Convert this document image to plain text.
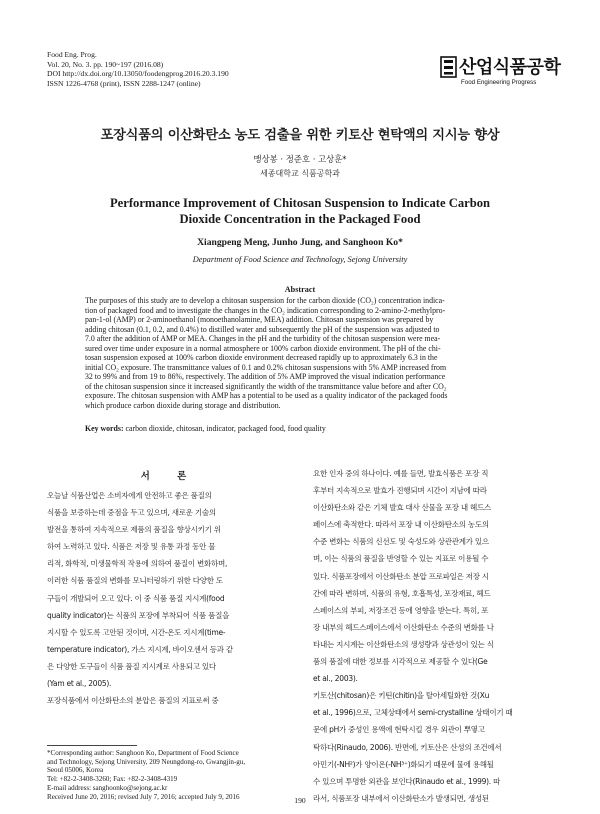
Food Eng. Prog.
Vol. 20, No. 3. pp. 190~197 (2016.08)
DOI http://dx.doi.org/10.13050/foodengprog.2016.20.3.190
ISSN 1226-4768 (print), ISSN 2288-1247 (online)
산업식품공학
Food Engineering Progress
포장식품의 이산화탄소 농도 검출을 위한 키토산 현탁액의 지시능 향상
맹상봉 · 정준호 · 고상훈*
세종대학교 식품공학과
Performance Improvement of Chitosan Suspension to Indicate Carbon
Dioxide Concentration in the Packaged Food
Xiangpeng Meng, Junho Jung, and Sanghoon Ko*
Department of Food Science and Technology, Sejong University
Abstract
The purposes of this study are to develop a chitosan suspension for the carbon dioxide (CO₂) concentration indica-
tion of packaged food and to investigate the changes in the CO₂ indication corresponding to 2-amino-2-methylpro-
pan-1-ol (AMP) or 2-aminoethanol (monoethanolamine, MEA) addition. Chitosan suspension was prepared by
adding chitosan (0.1, 0.2, and 0.4%) to distilled water and subsequently the pH of the suspension was adjusted to
7.0 after the addition of AMP or MEA. Changes in the pH and the turbidity of the chitosan suspension were mea-
sured over time under exposure in a normal atmosphere or 100% carbon dioxide environment. The pH of the chi-
tosan suspension exposed at 100% carbon dioxide environment decreased rapidly up to approximately 6.3 in the
initial CO₂ exposure. The transmittance values of 0.1 and 0.2% chitosan suspensions with 5% AMP increased from
32 to 99% and from 19 to 86%, respectively. The addition of 5% AMP improved the visual indication performance
of the chitosan suspension since it increased significantly the width of the transmittance value before and after CO₂
exposure. The chitosan suspension with AMP has a potential to be used as a quality indicator of the packaged foods
which produce carbon dioxide during storage and distribution.
Key words: carbon dioxide, chitosan, indicator, packaged food, food quality
서 론
오늘날 식품산업은 소비자에게 안전하고 좋은 품질의
식품을 보증하는데 중점을 두고 있으며, 새로운 기술의
발전을 통하여 지속적으로 제품의 품질을 향상시키기 위
하여 노력하고 있다. 식품은 저장 및 유통 과정 동안 물
리적, 화학적, 미생물학적 작용에 의하여 품질이 변화하며,
이러한 식품 품질의 변화를 모니터링하기 위한 다양한 도
구들이 개발되어 오고 있다. 이 중 식품 품질 지시계(food
quality indicator)는 식품의 포장에 부착되어 식품 품질을
지시할 수 있도록 고안된 것이며, 시간-온도 지시계(time-
temperature indicator), 가스 지시계, 바이오센서 등과 같
은 다양한 도구들이 식품 품질 지시계로 사용되고 있다
(Yam et al., 2005).
포장식품에서 이산화탄소의 분압은 품질의 지표로써 중
요한 인자 중의 하나이다. 예를 들면, 발효식품은 포장 직
후부터 지속적으로 발효가 진행되며 시간이 지남에 따라
이산화탄소와 같은 기체 발효 대사 산물을 포장 내 헤드스
페이스에 축적한다. 따라서 포장 내 이산화탄소의 농도의
수준 변화는 식품의 신선도 및 숙성도와 상관관계가 있으
며, 이는 식품의 품질을 반영할 수 있는 지표로 이용될 수
있다. 식품포장에서 이산화탄소 분압 프로파일은 저장 시
간에 따라 변하며, 식품의 유형, 호흡특성, 포장재료, 헤드
스페이스의 부피, 저장조건 등에 영향을 받는다. 특히, 포
장 내부의 헤드스페이스에서 이산화탄소 수준의 변화를 나
타내는 지시계는 이산화탄소의 생성량과 상관성이 있는 식
품의 품질에 대한 정보를 시각적으로 제공할 수 있다(Ge
et al., 2003).
키토산(chitosan)은 키틴(chitin)을 탈아세틸화한 것(Xu
et al., 1996)으로, 고체상태에서 semi-crystalline 상태이기 때
문에 pH가 중성인 용액에 현탁시킬 경우 외관이 뿌옇고
탁하다(Rinaudo, 2006). 반면에, 키토산은 산성의 조건에서
아민기(-NH²)가 양이온(-NH³⁺)화되기 때문에 물에 용해될
수 있으며 투명한 외관을 보인다(Rinaudo et al., 1999). 따
라서, 식품포장 내부에서 이산화탄소가 발생되면, 생성된
*Corresponding author: Sanghoon Ko, Department of Food Science
and Technology, Sejong University, 209 Neungdong-ro, Gwangjin-gu,
Seoul 05006, Korea
Tel: +82-2-3408-3260; Fax: +82-2-3408-4319
E-mail address: sanghoonko@sejong.ac.kr
Received June 20, 2016; revised July 7, 2016; accepted July 9, 2016	190
